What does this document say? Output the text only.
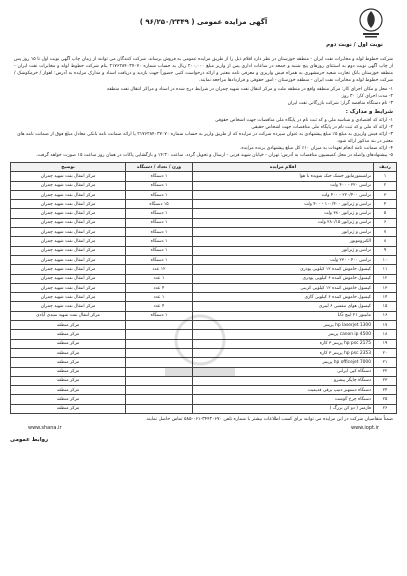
آگهی مزایده عمومی ( ۹۶/۲۵۰/۲۳۴۹ )
نوبت اول / نوبت دوم

شرکت خطوط لوله و مخابرات نفت ایران - منطقه خوزستان در نظر دارد اقلام ذیل را از طریق مزایده عمومی به فروش برساند. شرکت کنندگان می توانند از زمان چاپ آگهی نوبت اول تا ۱۵ روز پس از چاپ آگهی نوبت دوم به استثنای روزهای پنج شنبه و جمعه در ساعات اداری پس از واریز مبلغ ۲۰۰,۰۰۰ ریال به حساب شماره ۲۱۷۶۲۸۴۰۳۷۰۷۰ بنام شرکت خطوط لوله و مخابرات نفت ایران - منطقه خوزستان بانک تجارت شعبه خرمشهری به همراه فیش واریزی و معرفی نامه معتبر و ارائه درخواست کتبی حضوراً جهت بازدید و دریافت اسناد و مدارک مزایده به آدرس: اهواز / خرمکوشک / شرکت خطوط لوله و مخابرات نفت ایران - منطقه خوزستان - امور حقوقی و قراردادها مراجعه نمایند.

۱- محل و مکان اجرای کار: مرکز منطقه واقع در منطقه ملت و مرکز انتقال نفت شهید چمران در شرایط درج شده در اسناد و مراکز انتقال نفت منطقه
۲- مدت اجرای کار: ۳۰ روز
۳- نام دستگاه مناقصه گزار: شرکت بازرگانی نفت ایران
شرایط و مدارک :
۱- ارائه کد اقتصادی و شناسه ملی و کد ثبت نام در پایگاه ملی مناقصات جهت اشخاص حقوقی
۲- ارائه کد ملی و کد ثبت نام در پایگاه ملی مناقصات جهت اشخاص حقیقی
۳- ارائه فیش واریزی به مبلغ ۵٪ مبلغ پیشنهادی به عنوان سپرده شرکت در مزایده که از طریق واریز به حساب شماره ۲۱۷۶۲۸۴۰۳۷۰۷۰ یا ارائه ضمانت نامه بانکی معادل مبلغ فوق از ضمانت نامه های معتبر در بند مذکور ارائه شود.
۴- ارائه ضمانت نامه انجام تعهدات به میزان ۱۰٪ کل مبلغ پیشنهادی برنده مزایده.
۵- پیشنهادهای واصله در محل کمیسیون مناقصات به آدرس: تهران - خیابان شهید قرنی - ارسال و تحویل گردد. ساعت ۱۴:۳۰ و بازگشایی پاکات در همان روز ساعت ۱۵ صورت خواهد گرفت.
ردیف	اقلام مزایده	وزن / تعداد / دستگاه	توضیح
۱	ترانسفورماتور خشک خنک شونده با هوا	۱ دستگاه	مرکز انتقال نفت شهید چمران
۲	ترانس ۲۲۰ - ۴۰۰ ولت	۱ دستگاه	مرکز انتقال نفت شهید چمران
۳	ترانس ۲۲۰/۴۰۰ - ۴۰۰ ولت	۱ دستگاه	مرکز انتقال نفت شهید چمران
۴	ترانس و ژنراتور ۱۰۰/۴۰۰ - ۴۰۰ ولت	۱۵ دستگاه	مرکز انتقال نفت شهید چمران
۵	ترانس و ژنراتور ۳۸۰ ولت	۱ دستگاه	مرکز انتقال نفت شهید چمران
۶	ترانس و ژنراتور ۲۸۰/۱۵ ولت	۱ دستگاه	مرکز انتقال نفت شهید چمران
۷	ترانس و ژنراتور	۱ دستگاه	مرکز انتقال نفت شهید چمران
۸	الکتروموتور	۱ دستگاه	مرکز انتقال نفت شهید چمران
۹	ترانس و ژنراتور	۱ دستگاه	مرکز انتقال نفت شهید چمران
۱۰	ترانس ۴۰۰ - ۲۳۰ ولت	۱ دستگاه	مرکز انتقال نفت شهید چمران
۱۱	کپسول خاموش کننده ۱۲ کیلویی پودری	۱۲ عدد	مرکز انتقال نفت شهید چمران
۱۲	کپسول خاموش کننده ۶ کیلویی پودری	۱ عدد	مرکز انتقال نفت شهید چمران
۱۳	کپسول خاموش کننده ۱۲ کیلویی کربنی	۴ عدد	مرکز انتقال نفت شهید چمران
۱۴	کپسول خاموش کننده ۶ کیلویی گازی	۱ عدد	مرکز انتقال نفت شهید چمران
۱۵	کپسول هوای تنفسی ۶ لیتری	۴ عدد	مرکز انتقال نفت شهید چمران
۱۶	مانیتور ۲۱ اینچ LG	۱ دستگاه	مرکز انتقال نفت شهید سیدی آبادی
۱۷	hp laserjet 1300 پرینتر		مرکز منطقه
۱۸	canon ip 4500 پرینتر		مرکز منطقه
۱۹	hp psc 2175 پرینتر ۳ کاره		مرکز منطقه
۲۰	hp psc 2353 پرینتر ۳ کاره		مرکز منطقه
۲۱	hp officejet 7000 پرینتر		مرکز منطقه
۲۲	دستگاه کپی ایرانی		مرکز منطقه
۲۳	دستگاه چاپگر پیشرو		مرکز منطقه
۲۴	دستگاه دستهبر دتیپ برقی قدیمیت		مرکز منطقه
۲۵	دستگاه چرخ گوشت		مرکز منطقه
۲۶	فازمتر ( دو کن بزرگ )		مرکز منطقه
ضمناً متقاضیان شرکت در این مزایده می توانند برای کسب اطلاعات بیشتر با شماره تلفن ۳۴۴۲۰۶۷۰-۰۶۱-۵۸۵ تماس حاصل نمایند.
www.iopt.ir
www.shana.ir
روابط عمومی
